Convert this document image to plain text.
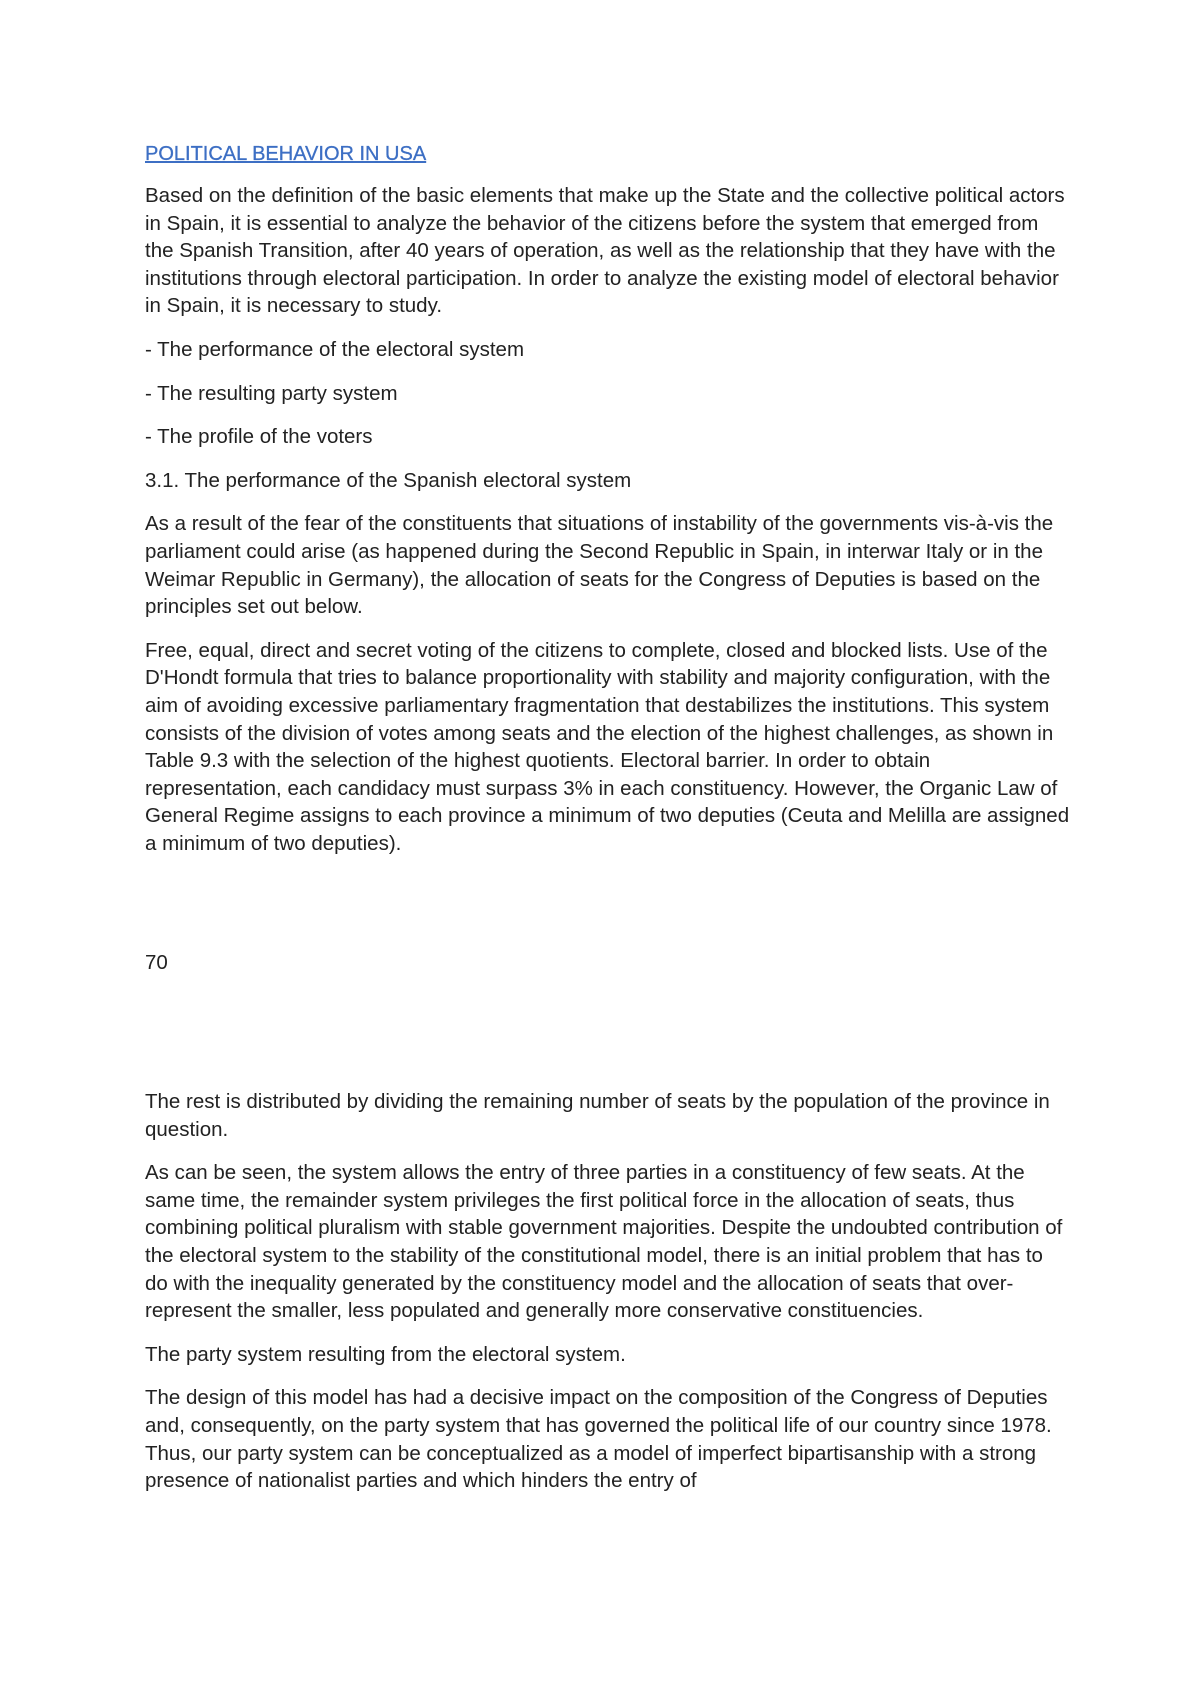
POLITICAL BEHAVIOR IN USA

Based on the definition of the basic elements that make up the State and the collective political actors in Spain, it is essential to analyze the behavior of the citizens before the system that emerged from the Spanish Transition, after 40 years of operation, as well as the relationship that they have with the institutions through electoral participation. In order to analyze the existing model of electoral behavior in Spain, it is necessary to study.

- The performance of the electoral system

- The resulting party system

- The profile of the voters

3.1. The performance of the Spanish electoral system

As a result of the fear of the constituents that situations of instability of the governments vis-à-vis the parliament could arise (as happened during the Second Republic in Spain, in interwar Italy or in the Weimar Republic in Germany), the allocation of seats for the Congress of Deputies is based on the principles set out below.

Free, equal, direct and secret voting of the citizens to complete, closed and blocked lists. Use of the D'Hondt formula that tries to balance proportionality with stability and majority configuration, with the aim of avoiding excessive parliamentary fragmentation that destabilizes the institutions. This system consists of the division of votes among seats and the election of the highest challenges, as shown in Table 9.3 with the selection of the highest quotients. Electoral barrier. In order to obtain representation, each candidacy must surpass 3% in each constituency. However, the Organic Law of General Regime assigns to each province a minimum of two deputies (Ceuta and Melilla are assigned a minimum of two deputies).

70

The rest is distributed by dividing the remaining number of seats by the population of the province in question.

As can be seen, the system allows the entry of three parties in a constituency of few seats. At the same time, the remainder system privileges the first political force in the allocation of seats, thus combining political pluralism with stable government majorities. Despite the undoubted contribution of the electoral system to the stability of the constitutional model, there is an initial problem that has to do with the inequality generated by the constituency model and the allocation of seats that over-represent the smaller, less populated and generally more conservative constituencies.

The party system resulting from the electoral system.

The design of this model has had a decisive impact on the composition of the Congress of Deputies and, consequently, on the party system that has governed the political life of our country since 1978. Thus, our party system can be conceptualized as a model of imperfect bipartisanship with a strong presence of nationalist parties and which hinders the entry of
